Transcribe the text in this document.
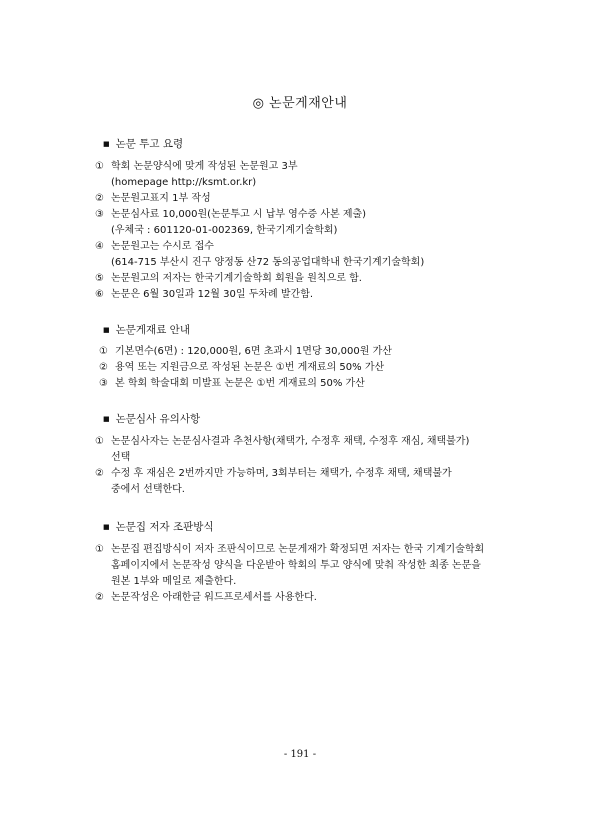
◎ 논문게재안내
■ 논문 투고 요령
① 학회 논문양식에 맞게 작성된 논문원고 3부
(homepage http://ksmt.or.kr)
② 논문원고표지 1부 작성
③ 논문심사료 10,000원(논문투고 시 납부 영수증 사본 제출)
(우체국 : 601120-01-002369, 한국기계기술학회)
④ 논문원고는 수시로 접수
(614-715 부산시 진구 양정동 산72 동의공업대학내 한국기계기술학회)
⑤ 논문원고의 저자는 한국기계기술학회 회원을 원칙으로 함.
⑥ 논문은 6월 30일과 12월 30일 두차례 발간함.
■ 논문게재료 안내
① 기본면수(6면) : 120,000원, 6면 초과시 1면당 30,000원 가산
② 용역 또는 지원금으로 작성된 논문은 ①번 게재료의 50% 가산
③ 본 학회 학술대회 미발표 논문은 ①번 게재료의 50% 가산
■ 논문심사 유의사항
① 논문심사자는 논문심사결과 추천사항(채택가, 수정후 채택, 수정후 재심, 채택불가)
선택
② 수정 후 재심은 2번까지만 가능하며, 3회부터는 채택가, 수정후 채택, 채택불가
중에서 선택한다.
■ 논문집 저자 조판방식
① 논문집 편집방식이 저자 조판식이므로 논문게재가 확정되면 저자는 한국 기계기술학회
홈페이지에서 논문작성 양식을 다운받아 학회의 투고 양식에 맞춰 작성한 최종 논문을
원본 1부와 메일로 제출한다.
② 논문작성은 아래한글 워드프로세서를 사용한다.
- 191 -
